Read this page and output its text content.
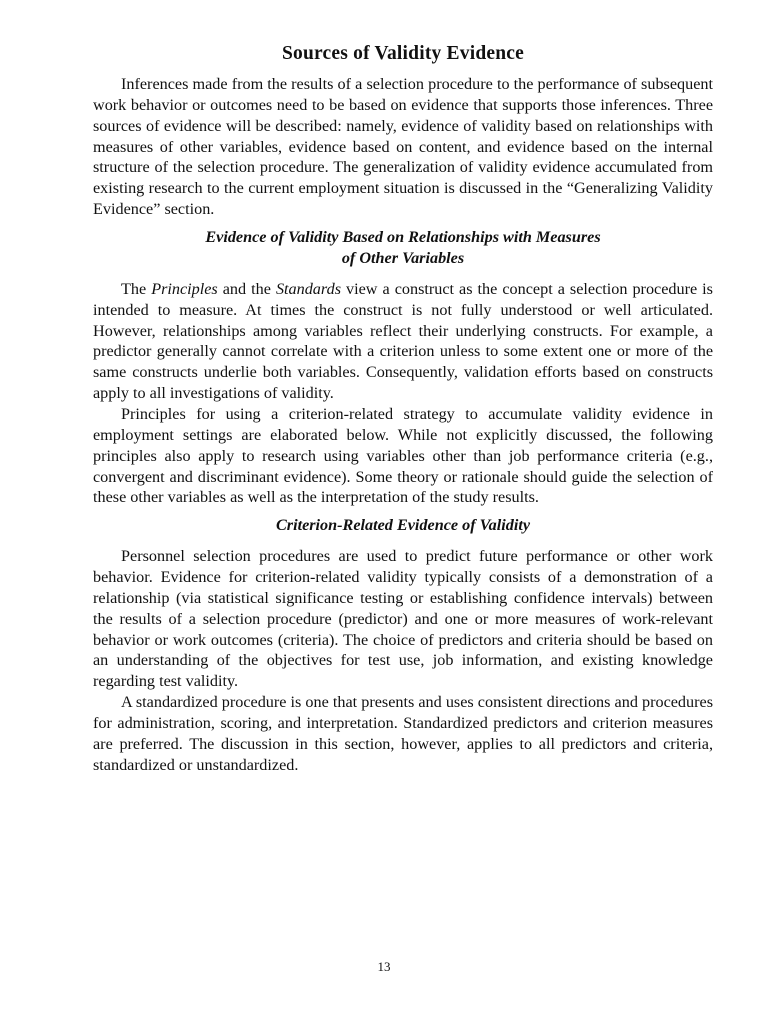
Sources of Validity Evidence

Inferences made from the results of a selection procedure to the performance of subsequent work behavior or outcomes need to be based on evidence that supports those inferences. Three sources of evidence will be described: namely, evidence of validity based on relationships with measures of other variables, evidence based on content, and evidence based on the internal structure of the selection procedure. The generalization of validity evidence accumulated from existing research to the current employment situation is discussed in the “Generalizing Validity Evidence” section.

Evidence of Validity Based on Relationships with Measures
of Other Variables

The Principles and the Standards view a construct as the concept a selection procedure is intended to measure. At times the construct is not fully understood or well articulated. However, relationships among variables reflect their underlying constructs. For example, a predictor generally cannot correlate with a criterion unless to some extent one or more of the same constructs underlie both variables. Consequently, validation efforts based on constructs apply to all investigations of validity.

Principles for using a criterion-related strategy to accumulate validity evidence in employment settings are elaborated below. While not explicitly discussed, the following principles also apply to research using variables other than job performance criteria (e.g., convergent and discriminant evidence). Some theory or rationale should guide the selection of these other variables as well as the interpretation of the study results.

Criterion-Related Evidence of Validity

Personnel selection procedures are used to predict future performance or other work behavior. Evidence for criterion-related validity typically consists of a demonstration of a relationship (via statistical significance testing or establishing confidence intervals) between the results of a selection procedure (predictor) and one or more measures of work-relevant behavior or work outcomes (criteria). The choice of predictors and criteria should be based on an understanding of the objectives for test use, job information, and existing knowledge regarding test validity.

A standardized procedure is one that presents and uses consistent directions and procedures for administration, scoring, and interpretation. Standardized predictors and criterion measures are preferred. The discussion in this section, however, applies to all predictors and criteria, standardized or unstandardized.

13
